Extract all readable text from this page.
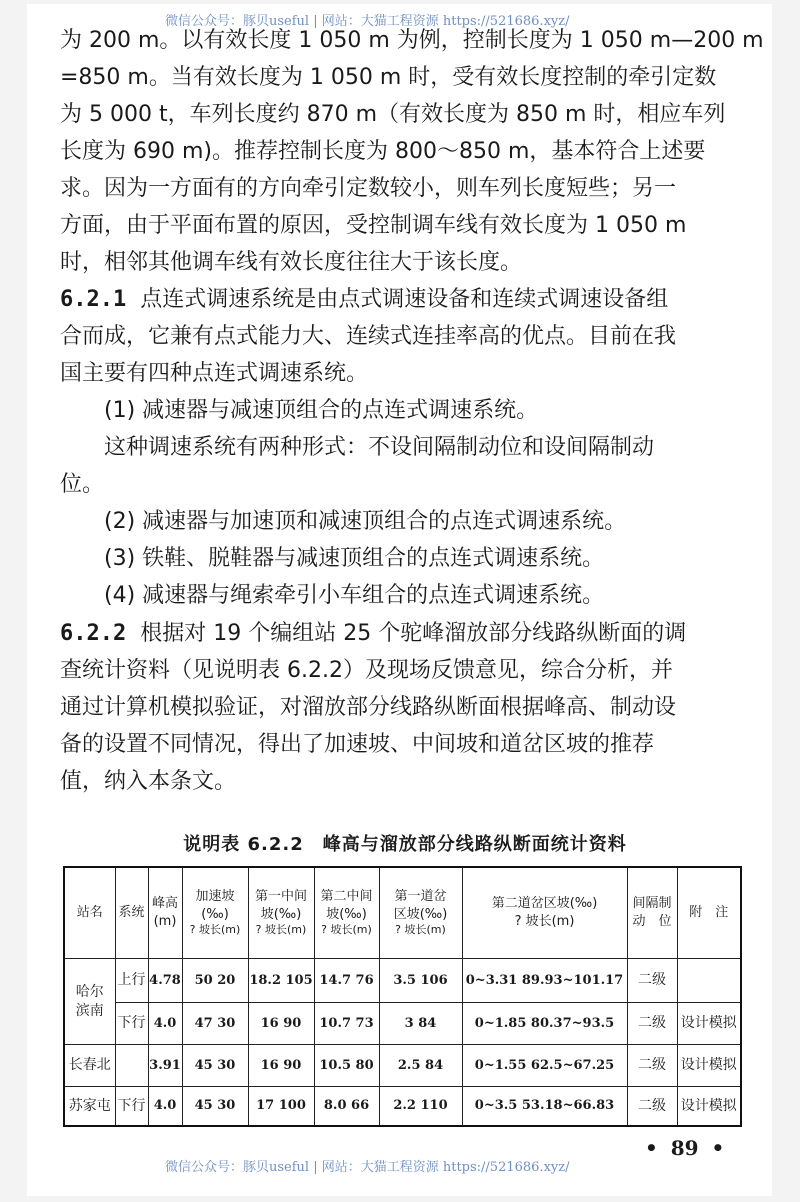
微信公众号：豚贝useful | 网站：大猫工程资源 https://521686.xyz/
为 200 m。以有效长度 1 050 m 为例，控制长度为 1 050 m—200 m
=850 m。当有效长度为 1 050 m 时，受有效长度控制的牵引定数
为 5 000 t，车列长度约 870 m（有效长度为 850 m 时，相应车列
长度为 690 m)。推荐控制长度为 800～850 m，基本符合上述要
求。因为一方面有的方向牵引定数较小，则车列长度短些；另一
方面，由于平面布置的原因，受控制调车线有效长度为 1 050 m
时，相邻其他调车线有效长度往往大于该长度。
6.2.1 点连式调速系统是由点式调速设备和连续式调速设备组
合而成，它兼有点式能力大、连续式连挂率高的优点。目前在我
国主要有四种点连式调速系统。
(1) 减速器与减速顶组合的点连式调速系统。
这种调速系统有两种形式：不设间隔制动位和设间隔制动
位。
(2) 减速器与加速顶和减速顶组合的点连式调速系统。
(3) 铁鞋、脱鞋器与减速顶组合的点连式调速系统。
(4) 减速器与绳索牵引小车组合的点连式调速系统。
6.2.2 根据对 19 个编组站 25 个驼峰溜放部分线路纵断面的调
查统计资料（见说明表 6.2.2）及现场反馈意见，综合分析，并
通过计算机模拟验证，对溜放部分线路纵断面根据峰高、制动设
备的设置不同情况，得出了加速坡、中间坡和道岔区坡的推荐
值，纳入本条文。
说明表 6.2.2　峰高与溜放部分线路纵断面统计资料
站名	系统	峰高
(m)	加速坡
(‰)
? 坡长(m)	第一中间
坡(‰)
? 坡长(m)	第二中间
坡(‰)
? 坡长(m)	第一道岔
区坡(‰)
? 坡长(m)	第二道岔区坡(‰)
? 坡长(m)	间隔制
动　位	附　注
哈尔
滨南	上行	4.78	50 20	18.2 105	14.7 76	3.5 106	0~3.31 89.93~101.17	二级	
	下行	4.0	47 30	16 90	10.7 73	3 84	0~1.85 80.37~93.5	二级	设计模拟
长春北		3.91	45 30	16 90	10.5 80	2.5 84	0~1.55 62.5~67.25	二级	设计模拟
苏家屯	下行	4.0	45 30	17 100	8.0 66	2.2 110	0~3.5 53.18~66.83	二级	设计模拟
• 89 •
微信公众号：豚贝useful | 网站：大猫工程资源 https://521686.xyz/
